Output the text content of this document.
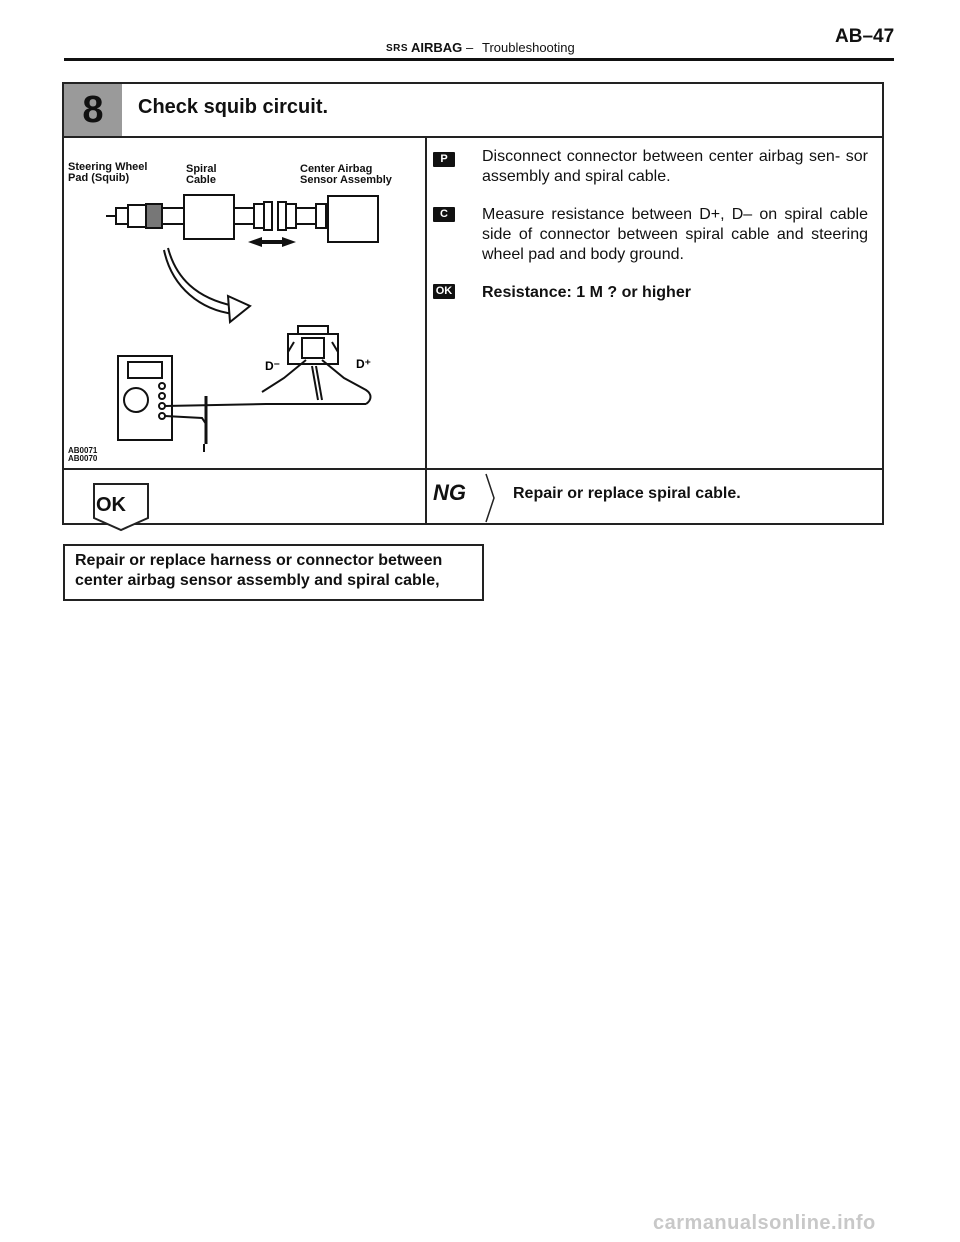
SRS AIRBAG – Troubleshooting
AB–47
8	Check squib circuit.
Steering Wheel
Pad (Squib)
Spiral
Cable
Center Airbag
Sensor Assembly
D⁻	D⁺
AB0071
AB0070
P	Disconnect connector between center airbag sen- sor assembly and spiral cable.
C	Measure resistance between D+, D– on spiral cable side of connector between spiral cable and steering wheel pad and body ground.
OK Resistance: 1 M ? or higher
NG	Repair or replace spiral cable.
OK
Repair or replace harness or connector between
center airbag sensor assembly and spiral cable,
carmanualsonline.info
